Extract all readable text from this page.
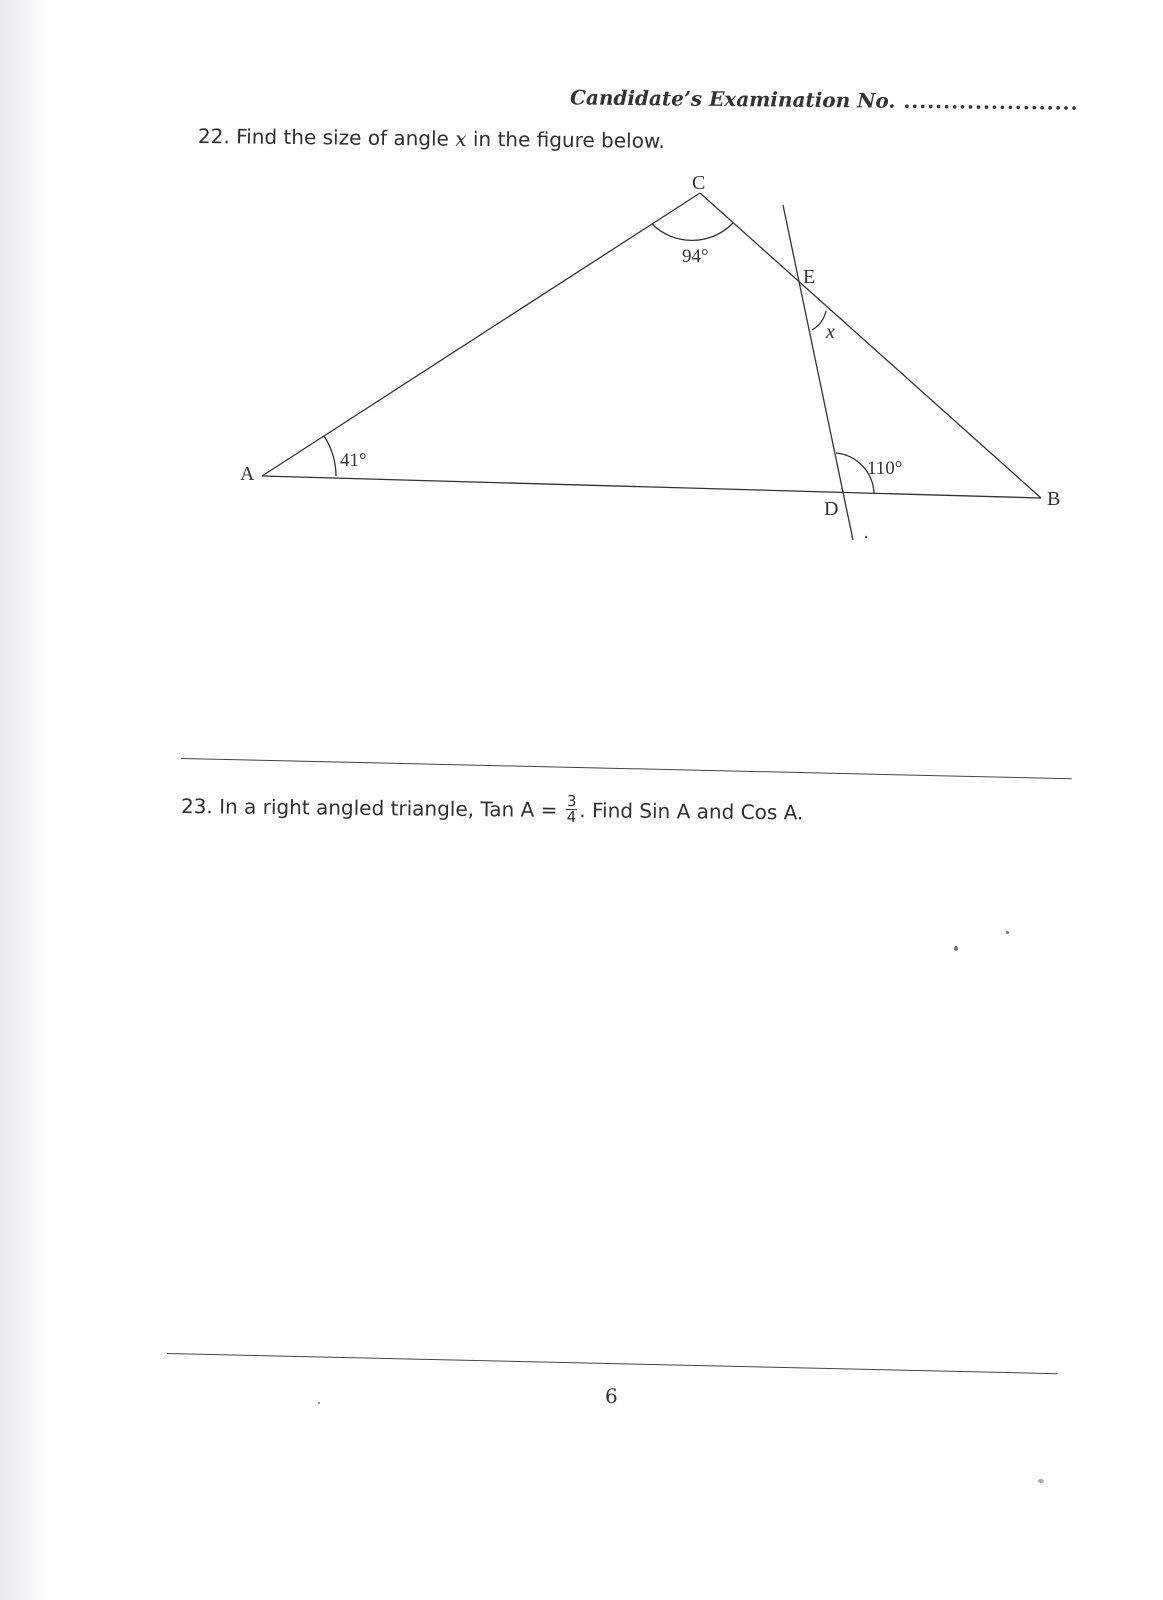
Candidate’s Examination No. ......................
22. Find the size of angle x in the figure below.
A
C
E
D	B
41°
94°
110°
x
23. In a right angled triangle, Tan $A = \frac{3}{4}$ . Find Sin A and Cos A.
6
